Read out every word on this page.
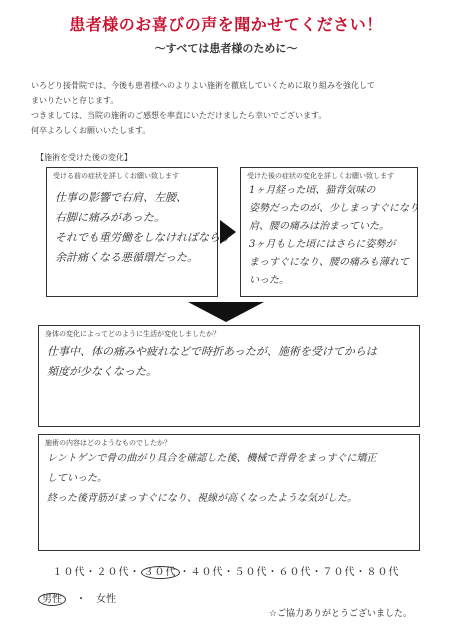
患者様のお喜びの声を聞かせてください！
～すべては患者様のために～
いろどり接骨院では、今後も患者様へのよりよい施術を徹底していくために取り組みを強化して
まいりたいと存じます。
つきましては、当院の施術のご感想を率直にいただけましたら幸いでございます。
何卒よろしくお願いいたします。
【施術を受けた後の変化】
受ける前の症状を詳しくお願い致します
仕事の影響で右肩、左腰、
右脚に痛みがあった。
それでも重労働をしなければならず
余計痛くなる悪循環だった。
受けた後の症状の変化を詳しくお願い致します
1ヶ月経った頃、猫背気味の
姿勢だったのが、少しまっすぐになり
肩、腰の痛みは治まっていた。
3ヶ月もした頃にはさらに姿勢が
まっすぐになり、腰の痛みも薄れて
いった。
身体の変化によってどのように生活が変化しましたか？
仕事中、体の痛みや疲れなどで時折あったが、施術を受けてからは
頻度が少なくなった。
施術の内容はどのようなものでしたか？
レントゲンで骨の曲がり具合を確認した後、機械で背骨をまっすぐに矯正
していった。
終った後背筋がまっすぐになり、視線が高くなったような気がした。
１０代・２０代・ ３０代 ・４０代・５０代・６０代・７０代・８０代
男性 ・ 女性
☆ご協力ありがとうございました。
